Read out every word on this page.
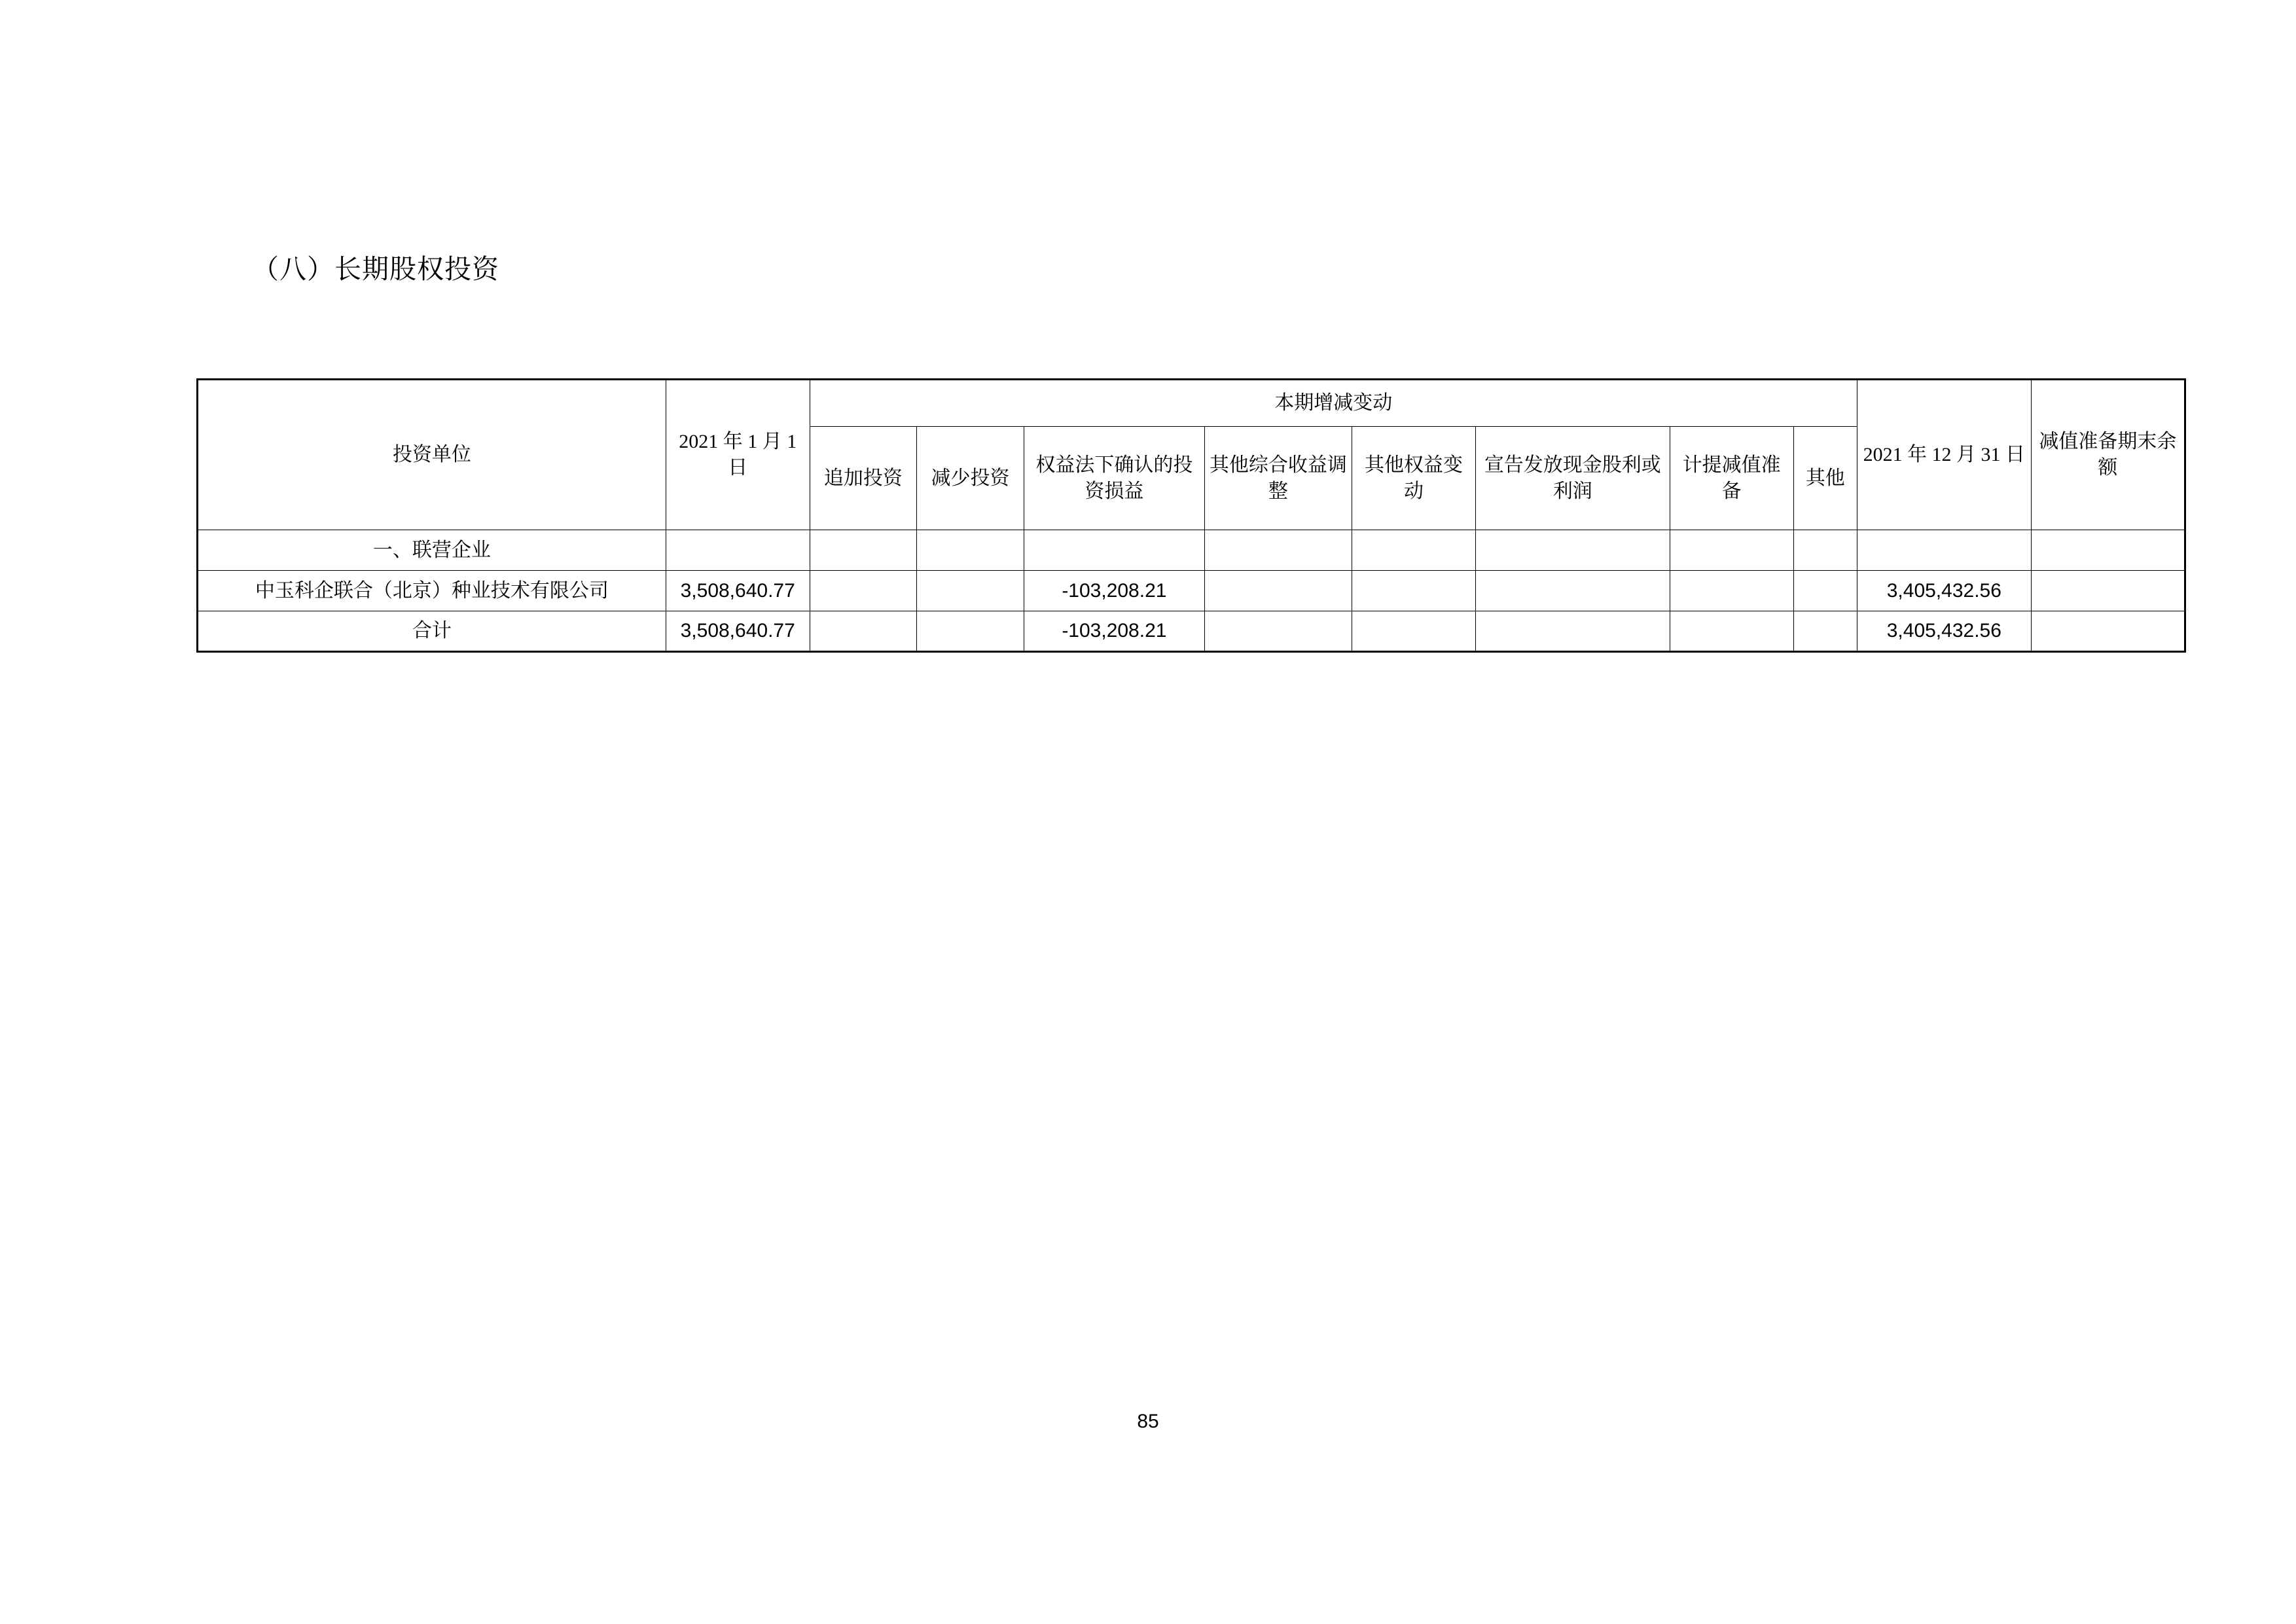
（八）长期股权投资
投资单位	2021 年 1 月 1 日	本期增减变动								2021 年 12 月 31 日	减值准备期末余额
		追加投资	减少投资	权益法下确认的投资损益	其他综合收益调整	其他权益变动	宣告发放现金股利或利润	计提减值准备	其他		
一、联营企业											
中玉科企联合（北京）种业技术有限公司	3,508,640.77			-103,208.21						3,405,432.56	
合计	3,508,640.77			-103,208.21						3,405,432.56	
85
